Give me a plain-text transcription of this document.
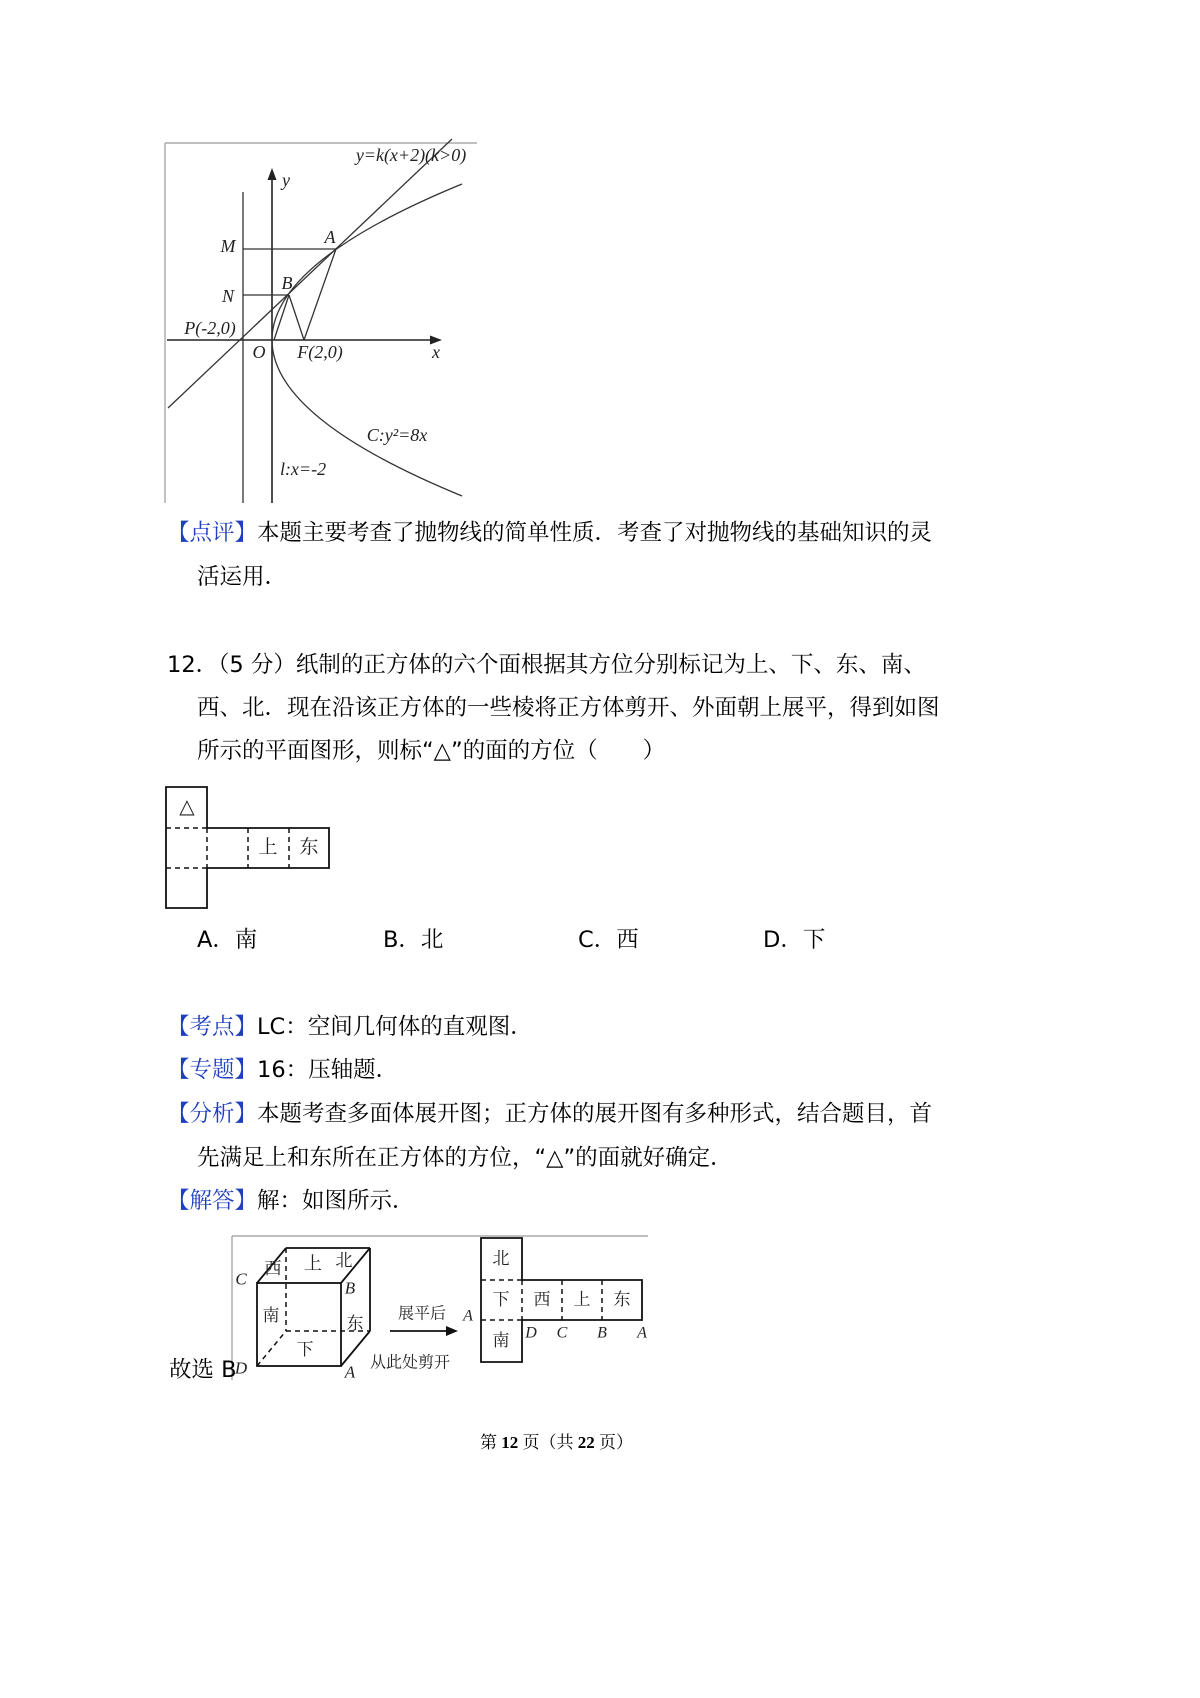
y=k(x+2)(k>0)
y
M	A
N
B
P(-2,0)
O F(2,0)	x
C:y²=8x
l:x=-2
【点评】本题主要考查了抛物线的简单性质．考查了对抛物线的基础知识的灵
活运用．
12．（5 分）纸制的正方体的六个面根据其方位分别标记为上、下、东、南、
西、北．现在沿该正方体的一些棱将正方体剪开、外面朝上展平，得到如图
所示的平面图形，则标“△”的面的方位（　　）
△
上 东
A．南	B．北	C．西	D．下
【考点】LC：空间几何体的直观图．
【专题】16：压轴题．
【分析】本题考查多面体展开图；正方体的展开图有多种形式，结合题目，首
先满足上和东所在正方体的方位，“△”的面就好确定．
【解答】解：如图所示．
西 上 北
南	东
下
C	B
D	A
展平后
从此处剪开
北
下 西 上 东
南
A
D C B A
故选 B
第 12 页（共 22 页）
